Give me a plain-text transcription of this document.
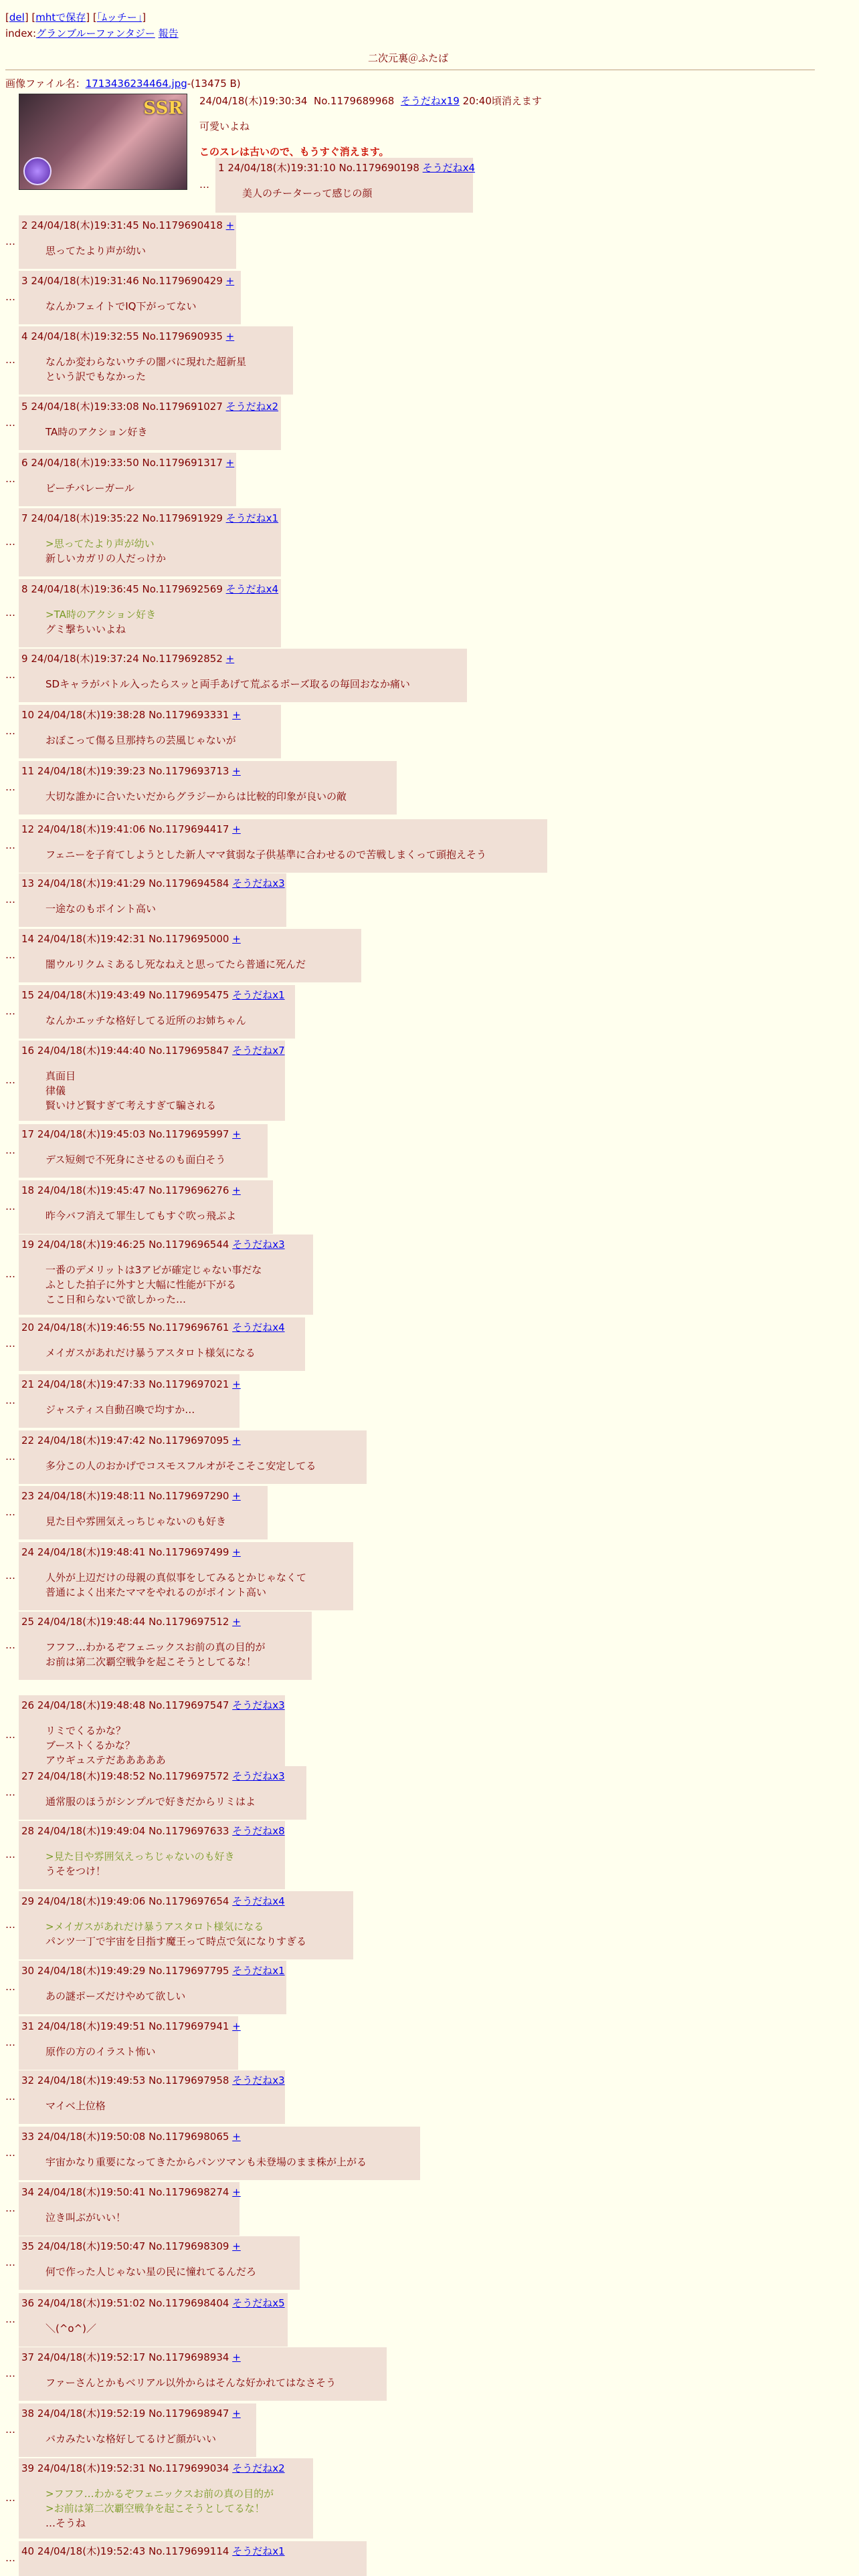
[del] [mhtで保存] [「ﾑッチー」]
index:グランブルーファンタジー 報告
二次元裏＠ふたば
画像ファイル名：1713436234464.jpg-(13475 B)
SSR 24/04/18(木)19:30:34 No.1179689968 そうだねx19 20:40頃消えます
可愛いよね
このスレは古いので、もうすぐ消えます。
1 24/04/18(木)19:31:10 No.1179690198 そうだねx4
美人のチーターって感じの顔
…
2 24/04/18(木)19:31:45 No.1179690418 +
思ってたより声が幼い
…
3 24/04/18(木)19:31:46 No.1179690429 +
なんかフェイトでIQ下がってない
…
4 24/04/18(木)19:32:55 No.1179690935 +
なんか変わらないウチの闇バに現れた超新星
という訳でもなかった
…
5 24/04/18(木)19:33:08 No.1179691027 そうだねx2
TA時のアクション好き
…
6 24/04/18(木)19:33:50 No.1179691317 +
ビーチバレーガール
…
7 24/04/18(木)19:35:22 No.1179691929 そうだねx1
>思ってたより声が幼い
新しいカガリの人だっけか
…
8 24/04/18(木)19:36:45 No.1179692569 そうだねx4
>TA時のアクション好き
グミ撃ちいいよね
…
9 24/04/18(木)19:37:24 No.1179692852 +
SDキャラがバトル入ったらスッと両手あげて荒ぶるポーズ取るの毎回おなか痛い
…
10 24/04/18(木)19:38:28 No.1179693331 +
おぼこって傷る旦那持ちの芸風じゃないが
…
11 24/04/18(木)19:39:23 No.1179693713 +
大切な誰かに合いたいだからグラジーからは比較的印象が良いの敵
…
12 24/04/18(木)19:41:06 No.1179694417 +
フェニーを子育てしようとした新人ママ貧弱な子供基準に合わせるので苦戦しまくって頭抱えそう
…
13 24/04/18(木)19:41:29 No.1179694584 そうだねx3
一途なのもポイント高い
…
14 24/04/18(木)19:42:31 No.1179695000 +
闇ウルリクムミあるし死なねえと思ってたら普通に死んだ
…
15 24/04/18(木)19:43:49 No.1179695475 そうだねx1
なんかエッチな格好してる近所のお姉ちゃん
…
16 24/04/18(木)19:44:40 No.1179695847 そうだねx7
真面目
律儀
賢いけど賢すぎて考えすぎて騙される
…
17 24/04/18(木)19:45:03 No.1179695997 +
デス短剣で不死身にさせるのも面白そう
…
18 24/04/18(木)19:45:47 No.1179696276 +
昨今バフ消えて罪生してもすぐ吹っ飛ぶよ
…
19 24/04/18(木)19:46:25 No.1179696544 そうだねx3
一番のデメリットは3アビが確定じゃない事だな
ふとした拍子に外すと大幅に性能が下がる
ここ日和らないで欲しかった…
…
20 24/04/18(木)19:46:55 No.1179696761 そうだねx4
メイガスがあれだけ暴うアスタロト様気になる
…
21 24/04/18(木)19:47:33 No.1179697021 +
ジャスティス自動召喚で均すか…
…
22 24/04/18(木)19:47:42 No.1179697095 +
多分この人のおかげでコスモスフルオがそこそこ安定してる
…
23 24/04/18(木)19:48:11 No.1179697290 +
見た目や雰囲気えっちじゃないのも好き
…
24 24/04/18(木)19:48:41 No.1179697499 +
人外が上辺だけの母親の真似事をしてみるとかじゃなくて
普通によく出来たママをやれるのがポイント高い
…
25 24/04/18(木)19:48:44 No.1179697512 +
フフフ…わかるぞフェニックスお前の真の目的が
お前は第二次覇空戦争を起こそうとしてるな！
…
26 24/04/18(木)19:48:48 No.1179697547 そうだねx3
リミでくるかな？
ブーストくるかな？
アウギュステだあああああ
…
27 24/04/18(木)19:48:52 No.1179697572 そうだねx3
通常服のほうがシンプルで好きだからリミはよ
…
28 24/04/18(木)19:49:04 No.1179697633 そうだねx8
>見た目や雰囲気えっちじゃないのも好き
うそをつけ！
…
29 24/04/18(木)19:49:06 No.1179697654 そうだねx4
>メイガスがあれだけ暴うアスタロト様気になる
パンツ一丁で宇宙を目指す魔王って時点で気になりすぎる
…
30 24/04/18(木)19:49:29 No.1179697795 そうだねx1
あの謎ポーズだけやめて欲しい
…
31 24/04/18(木)19:49:51 No.1179697941 +
原作の方のイラスト怖い
…
32 24/04/18(木)19:49:53 No.1179697958 そうだねx3
マイベ上位格
…
33 24/04/18(木)19:50:08 No.1179698065 +
宇宙かなり重要になってきたからパンツマンも未登場のまま株が上がる
…
34 24/04/18(木)19:50:41 No.1179698274 +
泣き叫ぶがいい！
…
35 24/04/18(木)19:50:47 No.1179698309 +
何で作った人じゃない星の民に憧れてるんだろ
…
36 24/04/18(木)19:51:02 No.1179698404 そうだねx5
＼(^o^)／
…
37 24/04/18(木)19:52:17 No.1179698934 +
ファーさんとかもベリアル以外からはそんな好かれてはなさそう
…
38 24/04/18(木)19:52:19 No.1179698947 +
バカみたいな格好してるけど顔がいい
…
39 24/04/18(木)19:52:31 No.1179699034 そうだねx2
>フフフ…わかるぞフェニックスお前の真の目的が
>お前は第二次覇空戦争を起こそうとしてるな！
…そうね
…
40 24/04/18(木)19:52:43 No.1179699114 そうだねx1
…
